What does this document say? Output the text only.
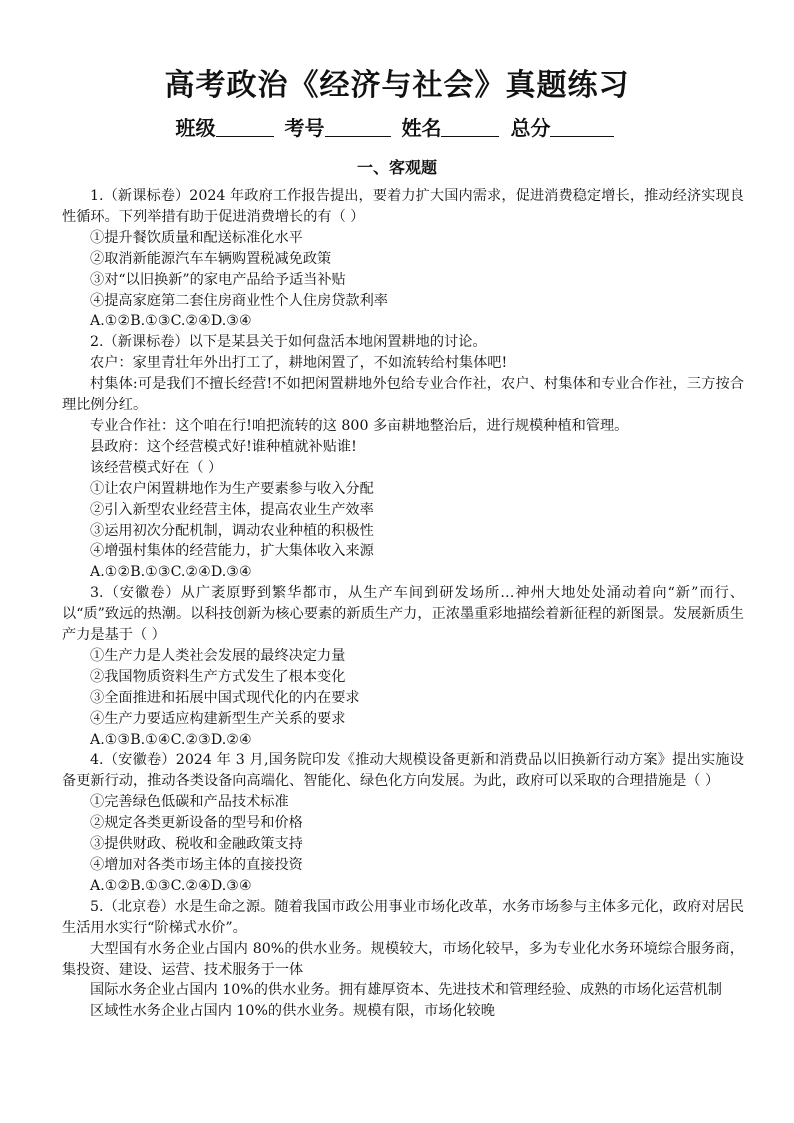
高考政治《经济与社会》真题练习
班级	考号	姓名	总分
一、客观题

1.（新课标卷）2024 年政府工作报告提出，要着力扩大国内需求，促进消费稳定增长，推动经济实现良性循环。下列举措有助于促进消费增长的有（ ）

①提升餐饮质量和配送标准化水平

②取消新能源汽车车辆购置税减免政策

③对“以旧换新”的家电产品给予适当补贴

④提高家庭第二套住房商业性个人住房贷款利率

A.①②B.①③C.②④D.③④

2.（新课标卷）以下是某县关于如何盘活本地闲置耕地的讨论。

农户：家里青壮年外出打工了，耕地闲置了，不如流转给村集体吧!

村集体:可是我们不擅长经营!不如把闲置耕地外包给专业合作社，农户、村集体和专业合作社，三方按合理比例分红。

专业合作社：这个咱在行!咱把流转的这 800 多亩耕地整治后，进行规模种植和管理。

县政府：这个经营模式好!谁种植就补贴谁!

该经营模式好在（ ）

①让农户闲置耕地作为生产要素参与收入分配

②引入新型农业经营主体，提高农业生产效率

③运用初次分配机制，调动农业种植的积极性

④增强村集体的经营能力，扩大集体收入来源

A.①②B.①③C.②④D.③④

3.（安徽卷）从广袤原野到繁华都市，从生产车间到研发场所…神州大地处处涌动着向“新”而行、以“质”致远的热潮。以科技创新为核心要素的新质生产力，正浓墨重彩地描绘着新征程的新图景。发展新质生产力是基于（ ）

①生产力是人类社会发展的最终决定力量

②我国物质资料生产方式发生了根本变化

③全面推进和拓展中国式现代化的内在要求

④生产力要适应构建新型生产关系的要求

A.①③B.①④C.②③D.②④

4.（安徽卷）2024 年 3 月,国务院印发《推动大规模设备更新和消费品以旧换新行动方案》提出实施设备更新行动，推动各类设备向高端化、智能化、绿色化方向发展。为此，政府可以采取的合理措施是（ ）

①完善绿色低碳和产品技术标准

②规定各类更新设备的型号和价格

③提供财政、税收和金融政策支持

④增加对各类市场主体的直接投资

A.①②B.①③C.②④D.③④

5.（北京卷）水是生命之源。随着我国市政公用事业市场化改革，水务市场参与主体多元化，政府对居民生活用水实行“阶梯式水价”。

大型国有水务企业占国内 80%的供水业务。规模较大，市场化较早，多为专业化水务环境综合服务商，集投资、建设、运营、技术服务于一体

国际水务企业占国内 10%的供水业务。拥有雄厚资本、先进技术和管理经验、成熟的市场化运营机制

区域性水务企业占国内 10%的供水业务。规模有限，市场化较晚
